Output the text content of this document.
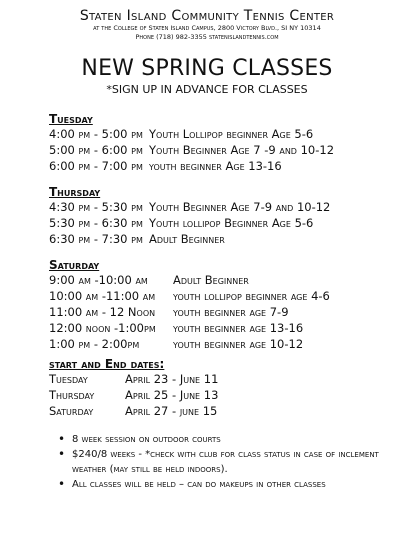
Staten Island Community Tennis Center
at the College of Staten Island Campus, 2800 Victory Blvd., SI NY 10314
Phone (718) 982-3355 statenislandtennis.com
NEW SPRING CLASSES
*SIGN UP IN ADVANCE FOR CLASSES
Tuesday
4:00 pm - 5:00 pm Youth Lollipop beginner Age 5-6
5:00 pm - 6:00 pm Youth Beginner Age 7 -9 and 10-12
6:00 pm - 7:00 pm youth beginner Age 13-16
Thursday
4:30 pm - 5:30 pm Youth Beginner Age 7-9 and 10-12
5:30 pm - 6:30 pm Youth lollipop Beginner Age 5-6
6:30 pm - 7:30 pm Adult Beginner
Saturday
9:00 am -10:00 am	Adult Beginner
10:00 am -11:00 am	youth lollipop beginner age 4-6
11:00 am - 12 Noon	youth beginner age 7-9
12:00 noon -1:00pm	youth beginner age 13-16
1:00 pm - 2:00pm	youth beginner age 10-12
start and End dates:
Tuesday	April 23 - June 11
Thursday	April 25 - June 13
Saturday	April 27 - june 15
• 8 week session on outdoor courts
• $240/8 weeks - *check with club for class status in case of inclement weather (may still be held indoors).
• All classes will be held – can do makeups in other classes
